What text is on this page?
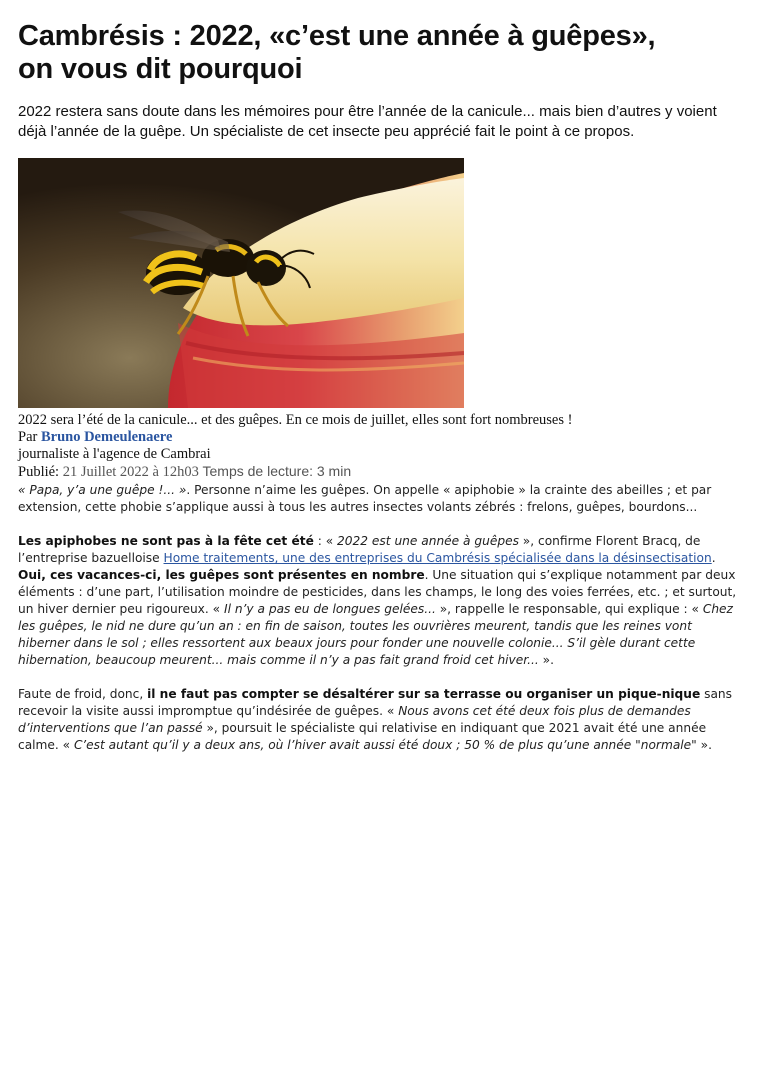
Cambrésis : 2022, «c’est une année à guêpes»,
on vous dit pourquoi

2022 restera sans doute dans les mémoires pour être l’année de la canicule... mais bien d’autres y voient déjà l’année de la guêpe. Un spécialiste de cet insecte peu apprécié fait le point à ce propos.

2022 sera l’été de la canicule... et des guêpes. En ce mois de juillet, elles sont fort nombreuses !
Par Bruno Demeulenaere
journaliste à l'agence de Cambrai
Publié: 21 Juillet 2022 à 12h03 Temps de lecture: 3 min

« Papa, y’a une guêpe !... ». Personne n’aime les guêpes. On appelle « apiphobie » la crainte des abeilles ; et par extension, cette phobie s’applique aussi à tous les autres insectes volants zébrés : frelons, guêpes, bourdons...

Les apiphobes ne sont pas à la fête cet été : « 2022 est une année à guêpes », confirme Florent Bracq, de l’entreprise bazuelloise Home traitements, une des entreprises du Cambrésis spécialisée dans la désinsectisation. Oui, ces vacances-ci, les guêpes sont présentes en nombre. Une situation qui s’explique notamment par deux éléments : d’une part, l’utilisation moindre de pesticides, dans les champs, le long des voies ferrées, etc. ; et surtout, un hiver dernier peu rigoureux. « Il n’y a pas eu de longues gelées... », rappelle le responsable, qui explique : « Chez les guêpes, le nid ne dure qu’un an : en fin de saison, toutes les ouvrières meurent, tandis que les reines vont hiberner dans le sol ; elles ressortent aux beaux jours pour fonder une nouvelle colonie... S’il gèle durant cette hibernation, beaucoup meurent... mais comme il n’y a pas fait grand froid cet hiver... ».

Faute de froid, donc, il ne faut pas compter se désaltérer sur sa terrasse ou organiser un pique-nique sans recevoir la visite aussi impromptue qu’indésirée de guêpes. « Nous avons cet été deux fois plus de demandes d’interventions que l’an passé », poursuit le spécialiste qui relativise en indiquant que 2021 avait été une année calme. « C’est autant qu’il y a deux ans, où l’hiver avait aussi été doux ; 50 % de plus qu’une année "normale" ».
